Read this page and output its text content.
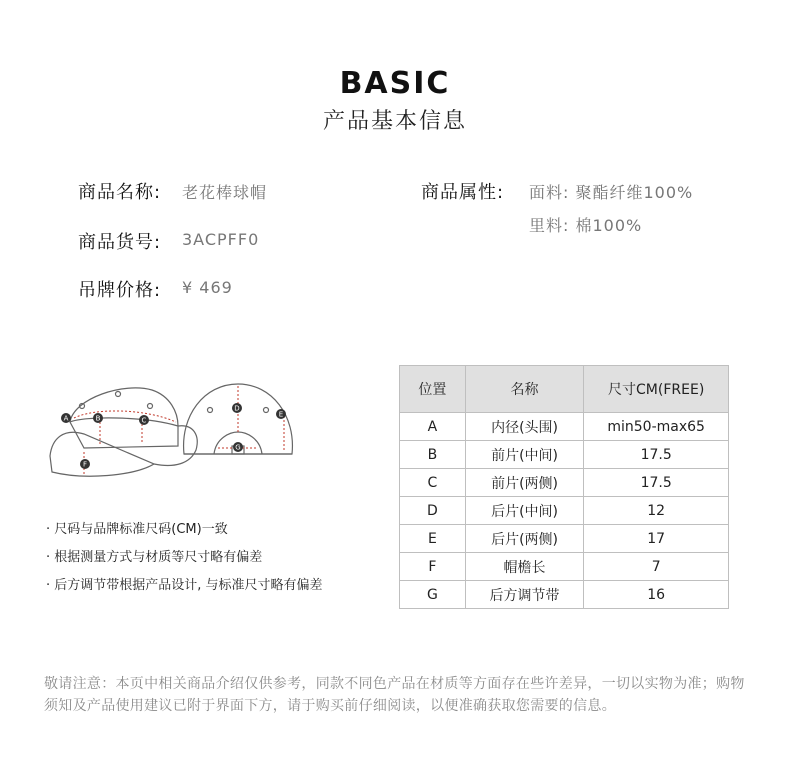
BASIC
产品基本信息
商品名称: 老花棒球帽
商品货号: 3ACPFF0
吊牌价格: ¥ 469
商品属性: 面料: 聚酯纤维100%
里料: 棉100%
A	B	C
D
E
F
G
· 尺码与品牌标准尺码(CM)一致
· 根据测量方式与材质等尺寸略有偏差
· 后方调节带根据产品设计, 与标准尺寸略有偏差
位置	名称	尺寸CM(FREE)
A	内径(头围)	min50-max65
B	前片(中间)	17.5
C	前片(两侧)	17.5
D	后片(中间)	12
E	后片(两侧)	17
F	帽檐长	7
G	后方调节带	16
敬请注意：本页中相关商品介绍仅供参考，同款不同色产品在材质等方面存在些许差异，一切以实物为准；购物须知及产品使用建议已附于界面下方，请于购买前仔细阅读，以便准确获取您需要的信息。
